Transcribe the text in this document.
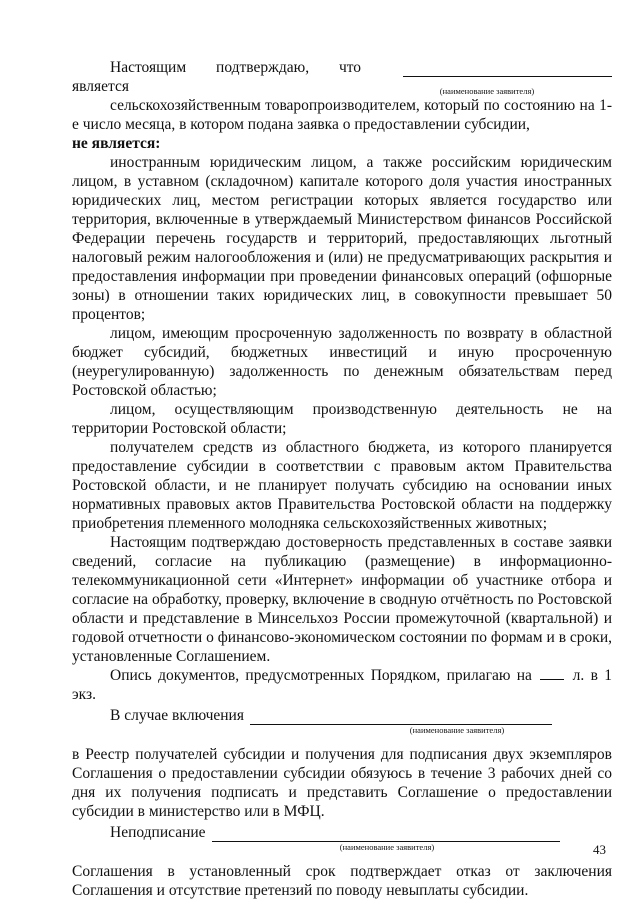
Настоящим подтверждаю, что
является	(наименование заявителя)

сельскохозяйственным товаропроизводителем, который по состоянию на 1-е число месяца, в котором подана заявка о предоставлении субсидии,
не является:

иностранным юридическим лицом, а также российским юридическим лицом, в уставном (складочном) капитале которого доля участия иностранных юридических лиц, местом регистрации которых является государство или территория, включенные в утверждаемый Министерством финансов Российской Федерации перечень государств и территорий, предоставляющих льготный налоговый режим налогообложения и (или) не предусматривающих раскрытия и предоставления информации при проведении финансовых операций (офшорные зоны) в отношении таких юридических лиц, в совокупности превышает 50 процентов;

лицом, имеющим просроченную задолженность по возврату в областной бюджет субсидий, бюджетных инвестиций и иную просроченную (неурегулированную) задолженность по денежным обязательствам перед Ростовской областью;

лицом, осуществляющим производственную деятельность не на территории Ростовской области;

получателем средств из областного бюджета, из которого планируется предоставление субсидии в соответствии с правовым актом Правительства Ростовской области, и не планирует получать субсидию на основании иных нормативных правовых актов Правительства Ростовской области на поддержку приобретения племенного молодняка сельскохозяйственных животных;

Настоящим подтверждаю достоверность представленных в составе заявки сведений, согласие на публикацию (размещение) в информационно-телекоммуникационной сети «Интернет» информации об участнике отбора и согласие на обработку, проверку, включение в сводную отчётность по Ростовской области и представление в Минсельхоз России промежуточной (квартальной) и годовой отчетности о финансово-экономическом состоянии по формам и в сроки, установленные Соглашением.

Опись документов, предусмотренных Порядком, прилагаю на	л. в 1 экз.

В случае включения
(наименование заявителя)

в Реестр получателей субсидии и получения для подписания двух экземпляров Соглашения о предоставлении субсидии обязуюсь в течение 3 рабочих дней со дня их получения подписать и представить Соглашение о предоставлении субсидии в министерство или в МФЦ.

Неподписание
(наименование заявителя)

Соглашения в установленный срок подтверждает отказ от заключения Соглашения и отсутствие претензий по поводу невыплаты субсидии.

43
